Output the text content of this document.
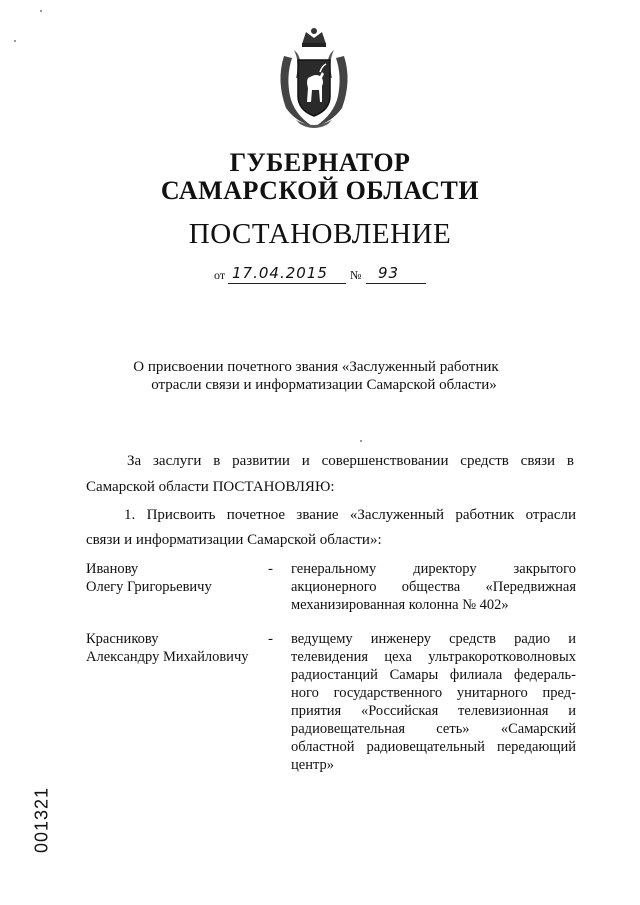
ГУБЕРНАТОР
САМАРСКОЙ ОБЛАСТИ
ПОСТАНОВЛЕНИЕ
от 17.04.2015 № 93
О присвоении почетного звания «Заслуженный работник
отрасли связи и информатизации Самарской области»
За заслуги в развитии и совершенствовании средств связи в
Самарской области ПОСТАНОВЛЯЮ:
1. Присвоить почетное звание «Заслуженный работник отрасли
связи и информатизации Самарской области»:
Иванову
Олегу Григорьевичу
- генеральному директору закрытого
акционерного общества «Передвижная
механизированная колонна № 402»
Красникову
Александру Михайловичу
- ведущему инженеру средств радио и
телевидения цеха ультракоротковолновых
радиостанций Самары филиала федераль-
ного государственного унитарного пред-
приятия «Российская телевизионная и
радиовещательная сеть» «Самарский
областной радиовещательный передающий
центр»
001321
